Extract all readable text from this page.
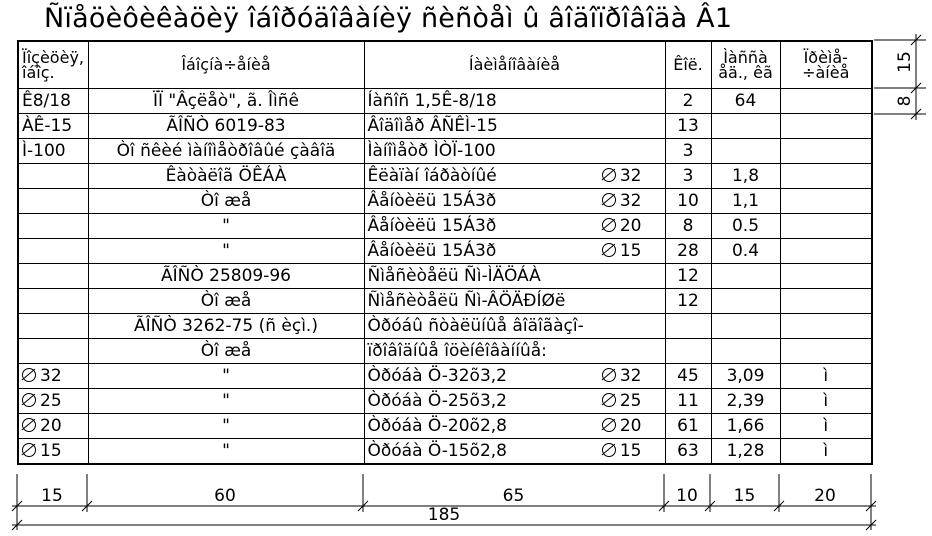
Ñïåöèôèêàöèÿ îáîðóäîâàíèÿ ñèñòåì û âîäîïðîâîäà Â1
Ïîçèöèÿ, îáîç.	Îáîçíà÷åíèå	Íàèìåíîâàíèå	Êîë.	Ìàññà åä., êã	Ïðèìå-÷àíèå
Ê8/18	ÏÏ "Âçëåò", ã. Îìñê	Íàñîñ 1,5Ê-8/18	2	64	
ÀÊ-15	ÃÎÑÒ 6019-83	Âîäîìåð ÂÑÊÌ-15	13		
Ì-100	Òî ñêèé ìàíîìåòðîâûé çàâîä	Ìàíîìåòð ÌÒÏ-100	3		
	Êàòàëîã ÖÊÁÀ	Êëàïàí îáðàòíûé 32	3	1,8	
	Òî æå	Âåíòèëü 15Á3ð 32	10	1,1	
	"	Âåíòèëü 15Á3ð 20	8	0.5	
	"	Âåíòèëü 15Á3ð 15	28	0.4	
	ÃÎÑÒ 25809-96	Ñìåñèòåëü Ñì-ÌÄÖÁÀ	12		
	Òî æå	Ñìåñèòåëü Ñì-ÂÖÄÐÍØë	12		
	ÃÎÑÒ 3262-75 (ñ èçì.)	Òðóáû ñòàëüíûå âîäîãàçî-			
	Òî æå	ïðîâîäíûå îöèíêîâàííûå:			
32	"	Òðóáà Ö-32õ3,2 32	45	3,09	ì
25	"	Òðóáà Ö-25õ3,2 25	11	2,39	ì
20	"	Òðóáà Ö-20õ2,8 20	61	1,66	ì
15	"	Òðóáà Ö-15õ2,8 15	63	1,28	ì
15	60	65	10	15	20
185
15
8
